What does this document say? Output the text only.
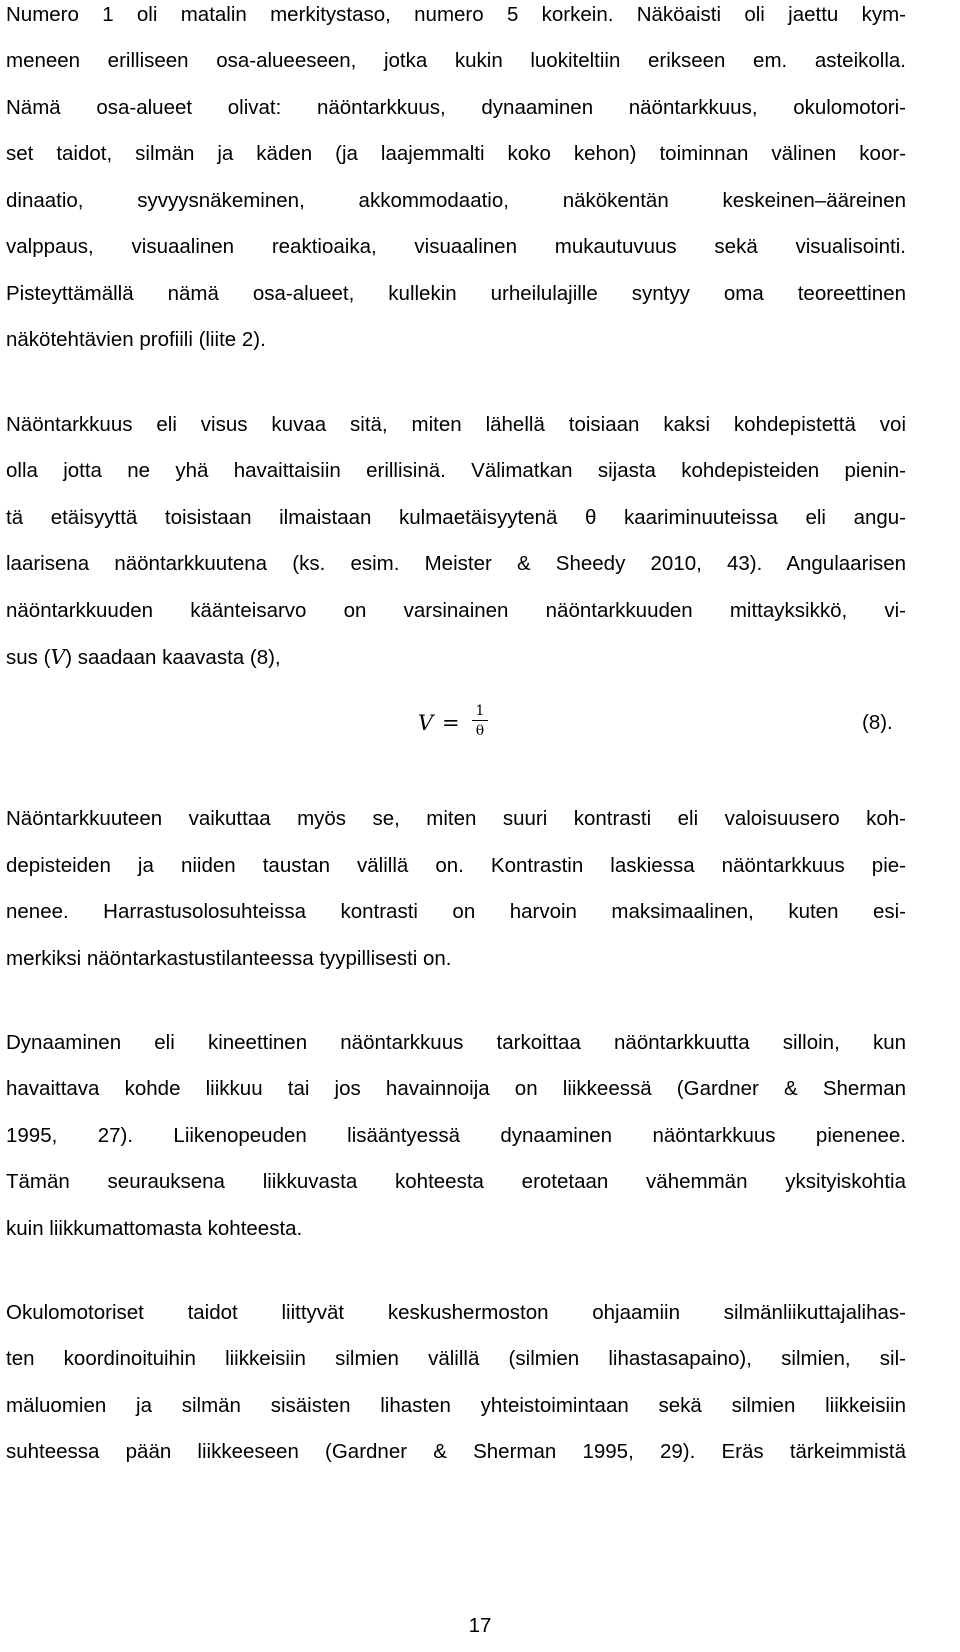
Numero 1 oli matalin merkitystaso, numero 5 korkein. Näköaisti oli jaettu kym-
meneen erilliseen osa-alueeseen, jotka kukin luokiteltiin erikseen em. asteikolla.
Nämä osa-alueet olivat: näöntarkkuus, dynaaminen näöntarkkuus, okulomotori-
set taidot, silmän ja käden (ja laajemmalti koko kehon) toiminnan välinen koor-
dinaatio, syvyysnäkeminen, akkommodaatio, näkökentän keskeinen–ääreinen
valppaus, visuaalinen reaktioaika, visuaalinen mukautuvuus sekä visualisointi.
Pisteyttämällä nämä osa-alueet, kullekin urheilulajille syntyy oma teoreettinen
näkötehtävien profiili (liite 2).
Näöntarkkuus eli visus kuvaa sitä, miten lähellä toisiaan kaksi kohdepistettä voi
olla jotta ne yhä havaittaisiin erillisinä. Välimatkan sijasta kohdepisteiden pienin-
tä etäisyyttä toisistaan ilmaistaan kulmaetäisyytenä θ kaariminuuteissa eli angu-
laarisena näöntarkkuutena (ks. esim. Meister & Sheedy 2010, 43). Angulaarisen
näöntarkkuuden käänteisarvo on varsinainen näöntarkkuuden mittayksikkö, vi-
sus (V) saadaan kaavasta (8),
V =	1
θ	(8).
Näöntarkkuuteen vaikuttaa myös se, miten suuri kontrasti eli valoisuusero koh-
depisteiden ja niiden taustan välillä on. Kontrastin laskiessa näöntarkkuus pie-
nenee. Harrastusolosuhteissa kontrasti on harvoin maksimaalinen, kuten esi-
merkiksi näöntarkastustilanteessa tyypillisesti on.
Dynaaminen eli kineettinen näöntarkkuus tarkoittaa näöntarkkuutta silloin, kun
havaittava kohde liikkuu tai jos havainnoija on liikkeessä (Gardner & Sherman
1995, 27). Liikenopeuden lisääntyessä dynaaminen näöntarkkuus pienenee.
Tämän seurauksena liikkuvasta kohteesta erotetaan vähemmän yksityiskohtia
kuin liikkumattomasta kohteesta.
Okulomotoriset taidot liittyvät keskushermoston ohjaamiin silmänliikuttajalihas-
ten koordinoituihin liikkeisiin silmien välillä (silmien lihastasapaino), silmien, sil-
mäluomien ja silmän sisäisten lihasten yhteistoimintaan sekä silmien liikkeisiin
suhteessa pään liikkeeseen (Gardner & Sherman 1995, 29). Eräs tärkeimmistä
17
